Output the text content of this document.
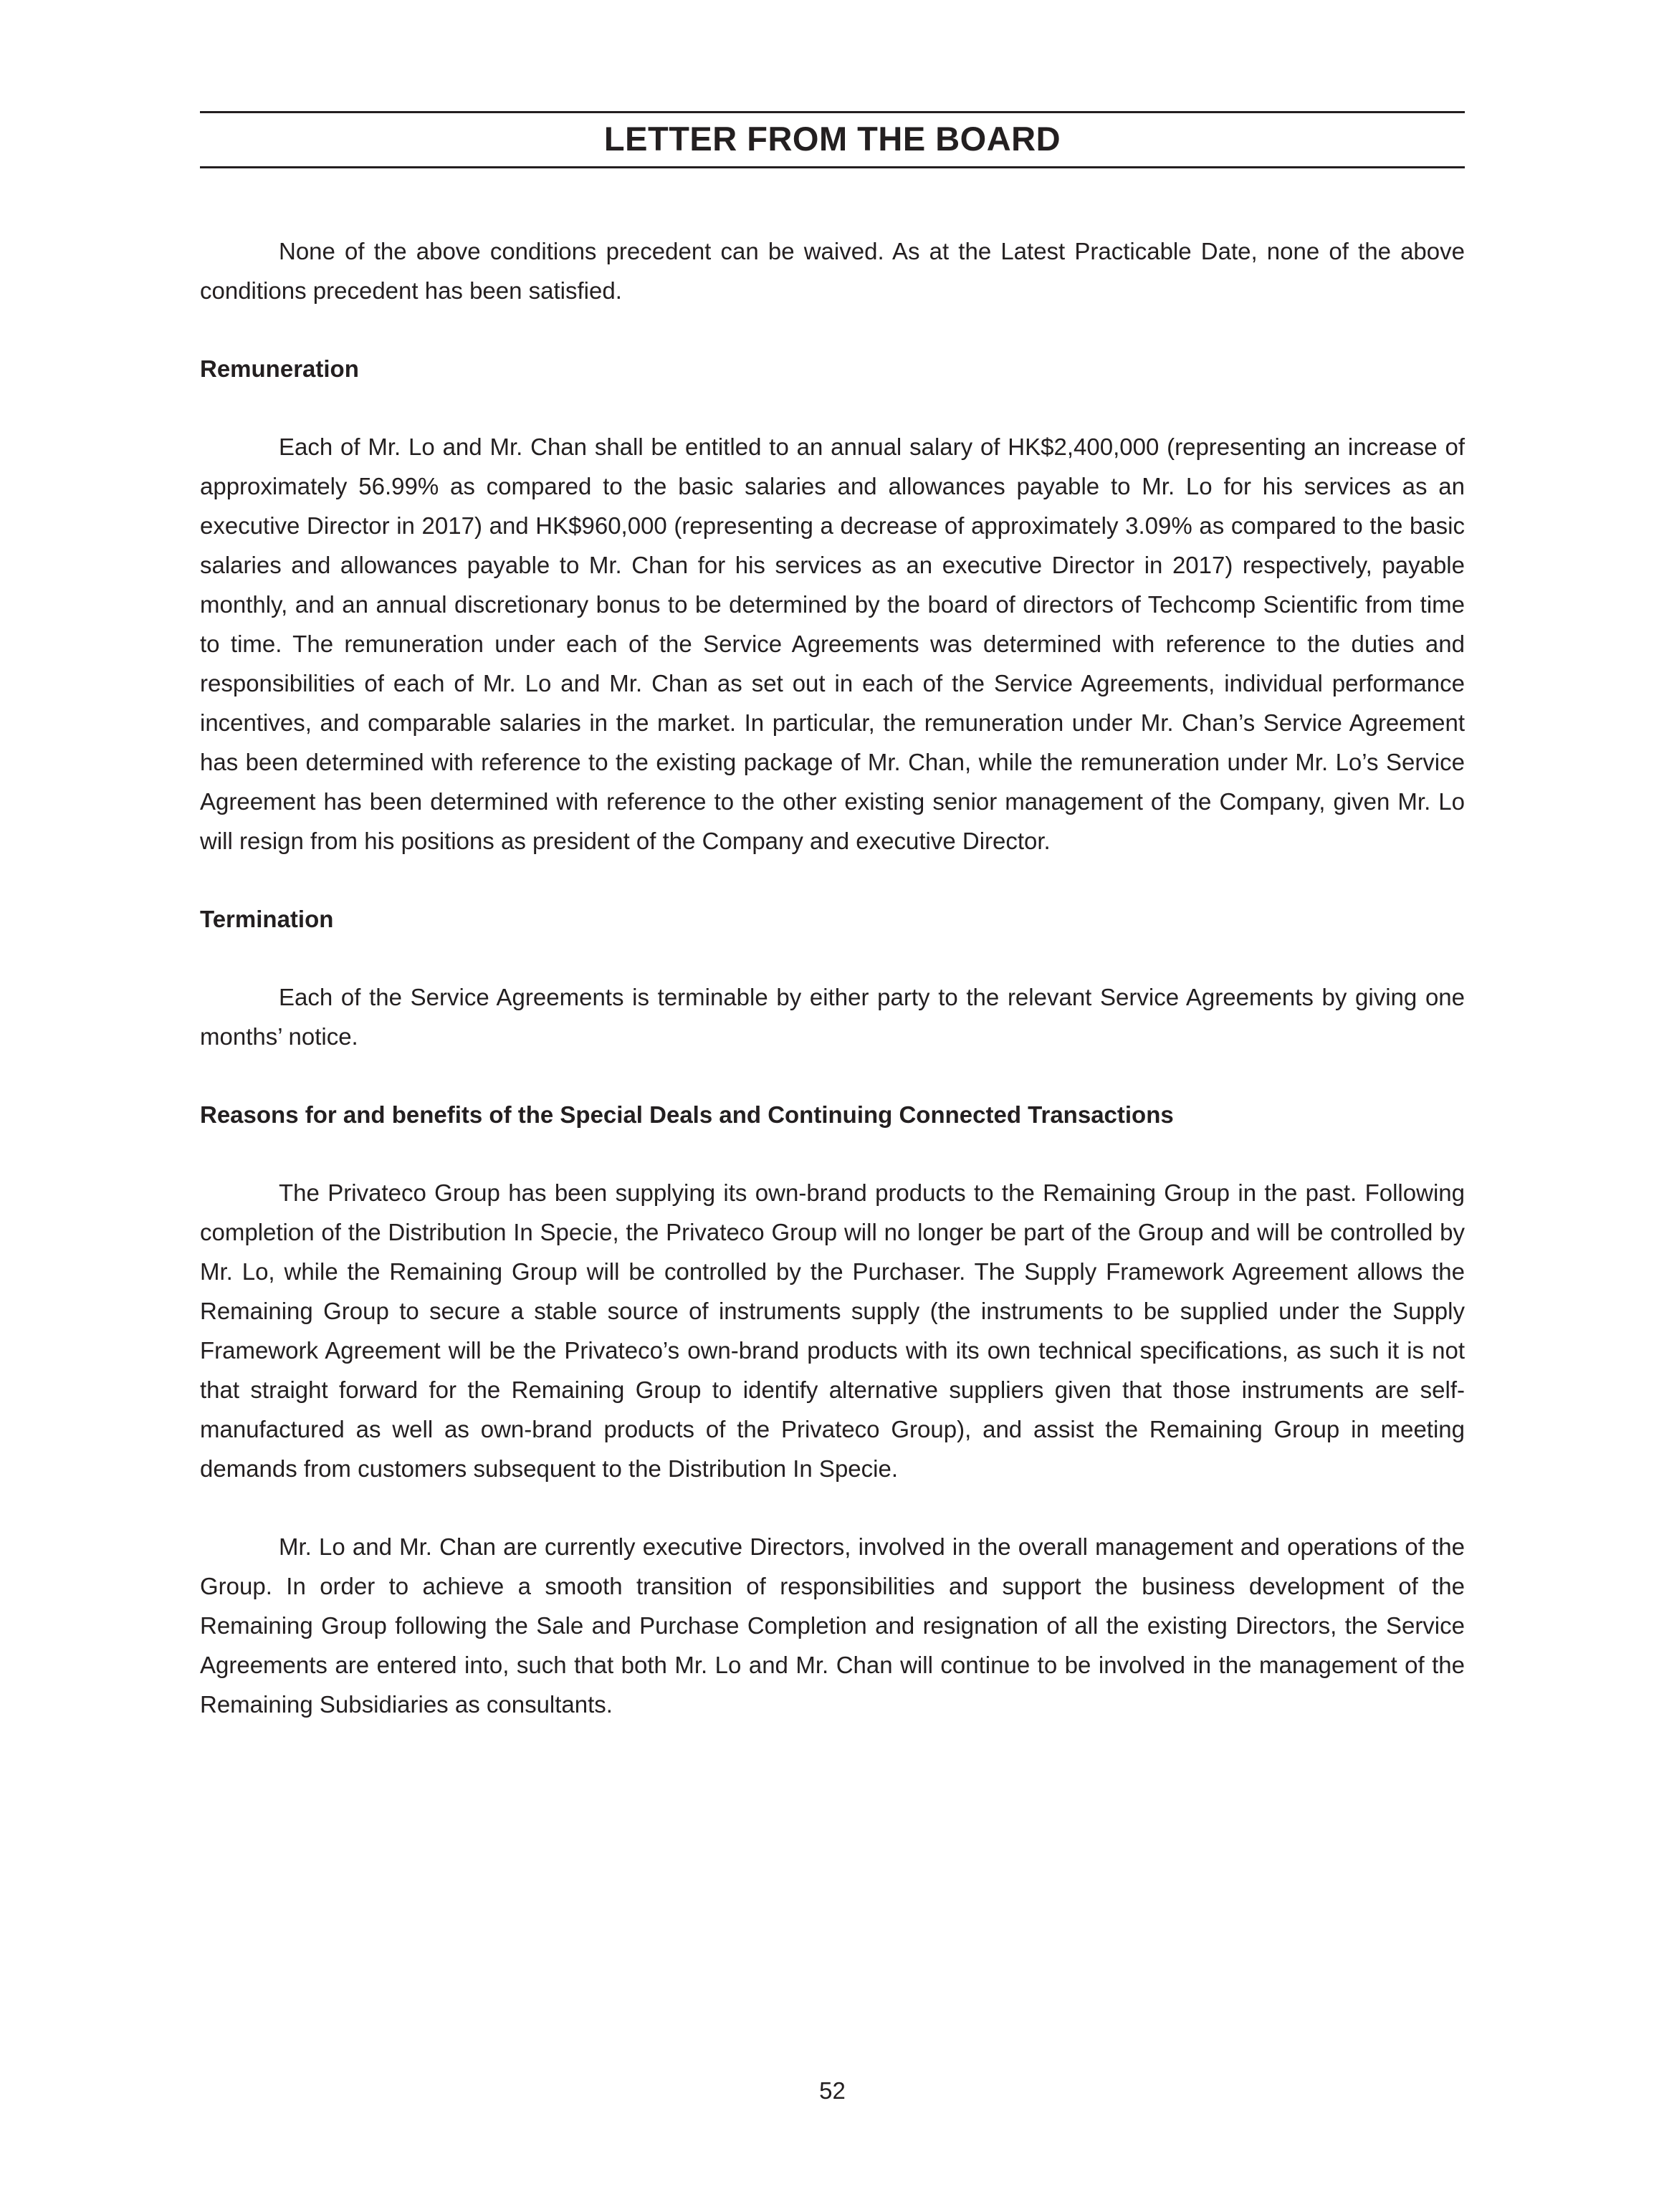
LETTER FROM THE BOARD

None of the above conditions precedent can be waived. As at the Latest Practicable Date, none of the above conditions precedent has been satisfied.

Remuneration

Each of Mr. Lo and Mr. Chan shall be entitled to an annual salary of HK$2,400,000 (representing an increase of approximately 56.99% as compared to the basic salaries and allowances payable to Mr. Lo for his services as an executive Director in 2017) and HK$960,000 (representing a decrease of approximately 3.09% as compared to the basic salaries and allowances payable to Mr. Chan for his services as an executive Director in 2017) respectively, payable monthly, and an annual discretionary bonus to be determined by the board of directors of Techcomp Scientific from time to time. The remuneration under each of the Service Agreements was determined with reference to the duties and responsibilities of each of Mr. Lo and Mr. Chan as set out in each of the Service Agreements, individual performance incentives, and comparable salaries in the market. In particular, the remuneration under Mr. Chan’s Service Agreement has been determined with reference to the existing package of Mr. Chan, while the remuneration under Mr. Lo’s Service Agreement has been determined with reference to the other existing senior management of the Company, given Mr. Lo will resign from his positions as president of the Company and executive Director.

Termination

Each of the Service Agreements is terminable by either party to the relevant Service Agreements by giving one months’ notice.

Reasons for and benefits of the Special Deals and Continuing Connected Transactions

The Privateco Group has been supplying its own-brand products to the Remaining Group in the past. Following completion of the Distribution In Specie, the Privateco Group will no longer be part of the Group and will be controlled by Mr. Lo, while the Remaining Group will be controlled by the Purchaser. The Supply Framework Agreement allows the Remaining Group to secure a stable source of instruments supply (the instruments to be supplied under the Supply Framework Agreement will be the Privateco’s own-brand products with its own technical specifications, as such it is not that straight forward for the Remaining Group to identify alternative suppliers given that those instruments are self-manufactured as well as own-brand products of the Privateco Group), and assist the Remaining Group in meeting demands from customers subsequent to the Distribution In Specie.

Mr. Lo and Mr. Chan are currently executive Directors, involved in the overall management and operations of the Group. In order to achieve a smooth transition of responsibilities and support the business development of the Remaining Group following the Sale and Purchase Completion and resignation of all the existing Directors, the Service Agreements are entered into, such that both Mr. Lo and Mr. Chan will continue to be involved in the management of the Remaining Subsidiaries as consultants.

52
